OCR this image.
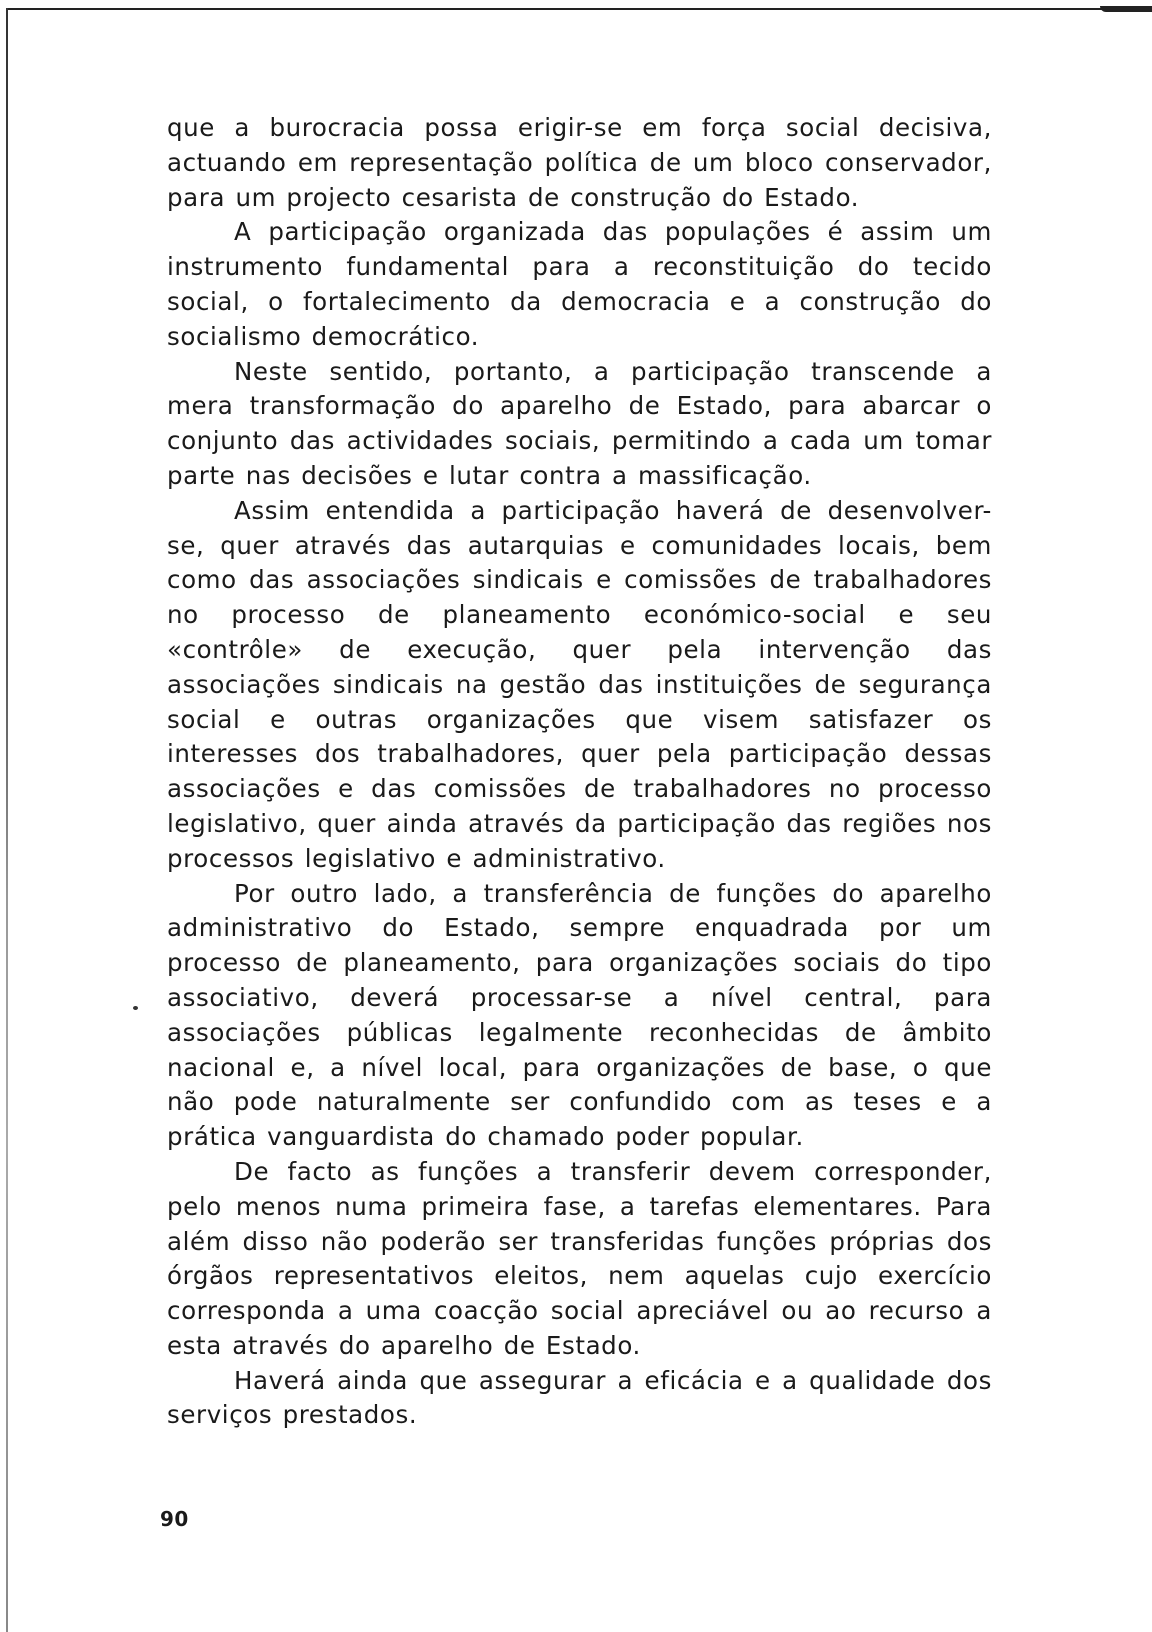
que a burocracia possa erigir-se em força social decisiva, actuando em representação política de um bloco conservador, para um projecto cesarista de construção do Estado.

A participação organizada das populações é assim um instrumento fundamental para a reconstituição do tecido social, o fortalecimento da democracia e a construção do socialismo democrático.

Neste sentido, portanto, a participação transcende a mera transformação do aparelho de Estado, para abarcar o conjunto das actividades sociais, permitindo a cada um tomar parte nas decisões e lutar contra a massificação.

Assim entendida a participação haverá de desenvolver-se, quer através das autarquias e comunidades locais, bem como das associações sindicais e comissões de trabalhadores no processo de planeamento económico-social e seu «contrôle» de execução, quer pela intervenção das associações sindicais na gestão das instituições de segurança social e outras organizações que visem satisfazer os interesses dos trabalhadores, quer pela participação dessas associações e das comissões de trabalhadores no processo legislativo, quer ainda através da participação das regiões nos processos legislativo e administrativo.

Por outro lado, a transferência de funções do aparelho administrativo do Estado, sempre enquadrada por um processo de planeamento, para organizações sociais do tipo associativo, deverá processar-se a nível central, para associações públicas legalmente reconhecidas de âmbito nacional e, a nível local, para organizações de base, o que não pode naturalmente ser confundido com as teses e a prática vanguardista do chamado poder popular.

De facto as funções a transferir devem corresponder, pelo menos numa primeira fase, a tarefas elementares. Para além disso não poderão ser transferidas funções próprias dos órgãos representativos eleitos, nem aquelas cujo exercício corresponda a uma coacção social apreciável ou ao recurso a esta através do aparelho de Estado.

Haverá ainda que assegurar a eficácia e a qualidade dos serviços prestados.

90
